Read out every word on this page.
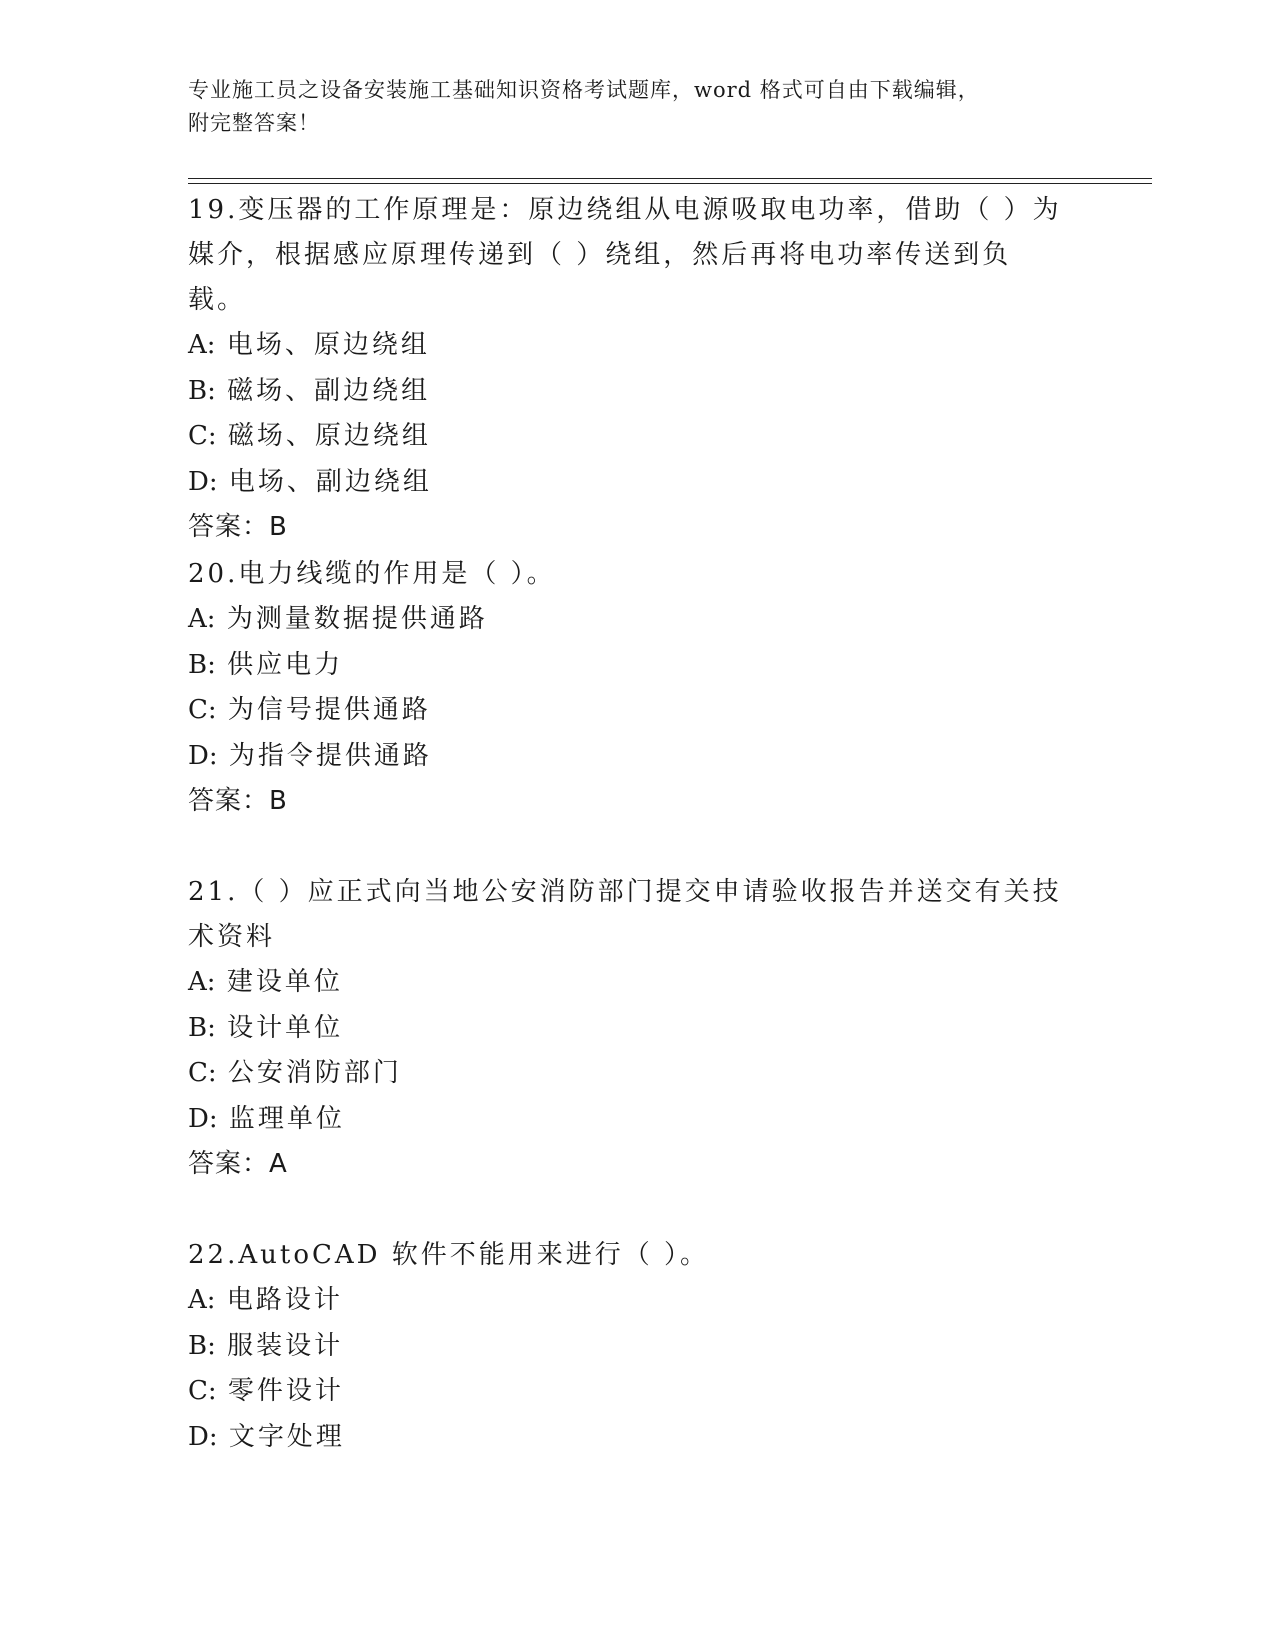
专业施工员之设备安装施工基础知识资格考试题库，word 格式可自由下载编辑，
附完整答案！

19.变压器的工作原理是：原边绕组从电源吸取电功率，借助（ ）为

媒介，根据感应原理传递到（ ）绕组，然后再将电功率传送到负载。

A: 电场、原边绕组

B: 磁场、副边绕组

C: 磁场、原边绕组

D: 电场、副边绕组

答案：B

20.电力线缆的作用是（ ）。

A: 为测量数据提供通路

B: 供应电力

C: 为信号提供通路

D: 为指令提供通路

答案：B

21.（ ）应正式向当地公安消防部门提交申请验收报告并送交有关技

术资料

A: 建设单位

B: 设计单位

C: 公安消防部门

D: 监理单位

答案：A

22.AutoCAD 软件不能用来进行（ ）。

A: 电路设计

B: 服装设计

C: 零件设计

D: 文字处理
